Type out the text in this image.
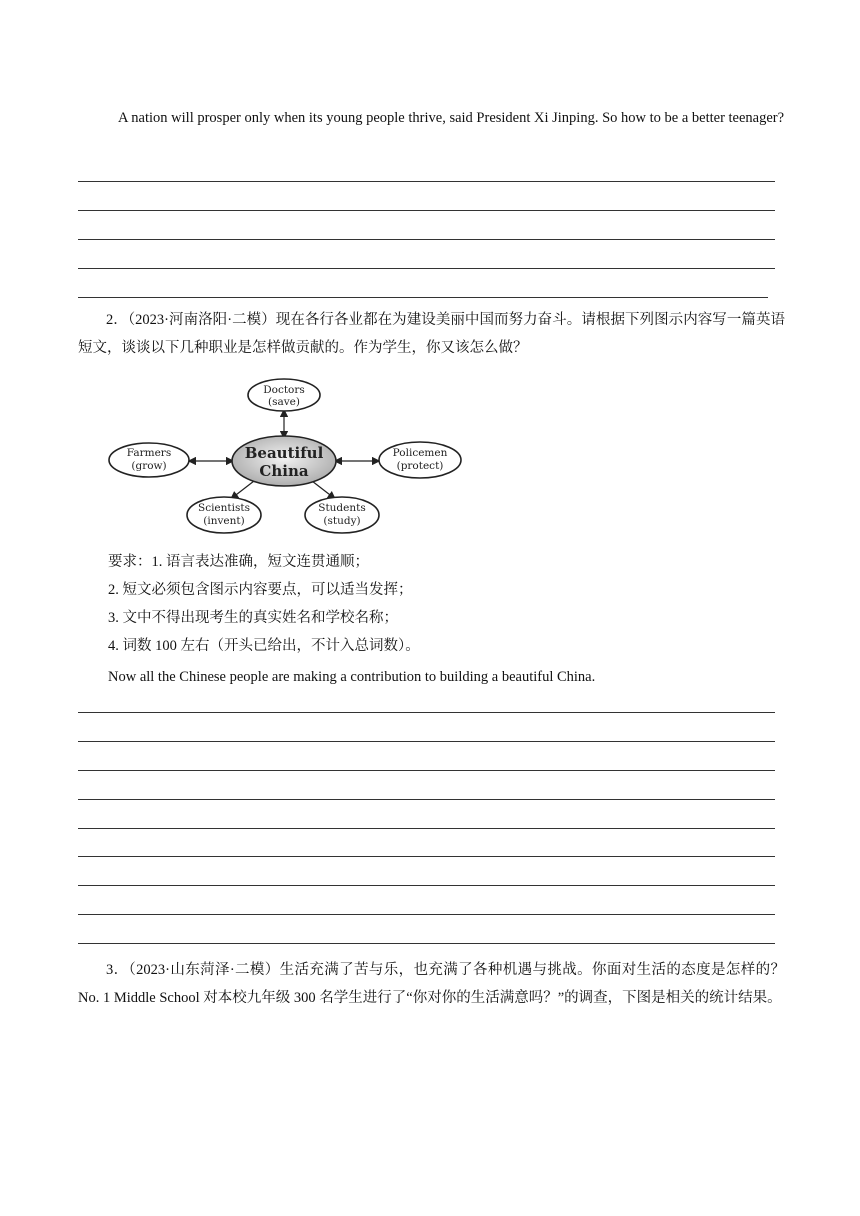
A nation will prosper only when its young people thrive, said President Xi Jinping. So how to be a better teenager?

2．（2023·河南洛阳·二模）现在各行各业都在为建设美丽中国而努力奋斗。请根据下列图示内容写一篇英语短文，谈谈以下几种职业是怎样做贡献的。作为学生，你又该怎么做？

Beautiful
China
Doctors
(save)
Farmers
(grow)
Policemen
(protect)
Scientists
(invent)
Students
(study)
要求：1. 语言表达准确，短文连贯通顺；
2. 短文必须包含图示内容要点，可以适当发挥；
3. 文中不得出现考生的真实姓名和学校名称；
4. 词数 100 左右（开头已给出，不计入总词数）。
Now all the Chinese people are making a contribution to building a beautiful China.

3．（2023·山东菏泽·二模）生活充满了苦与乐，也充满了各种机遇与挑战。你面对生活的态度是怎样的？No. 1 Middle School 对本校九年级 300 名学生进行了“你对你的生活满意吗？”的调查，下图是相关的统计结果。
